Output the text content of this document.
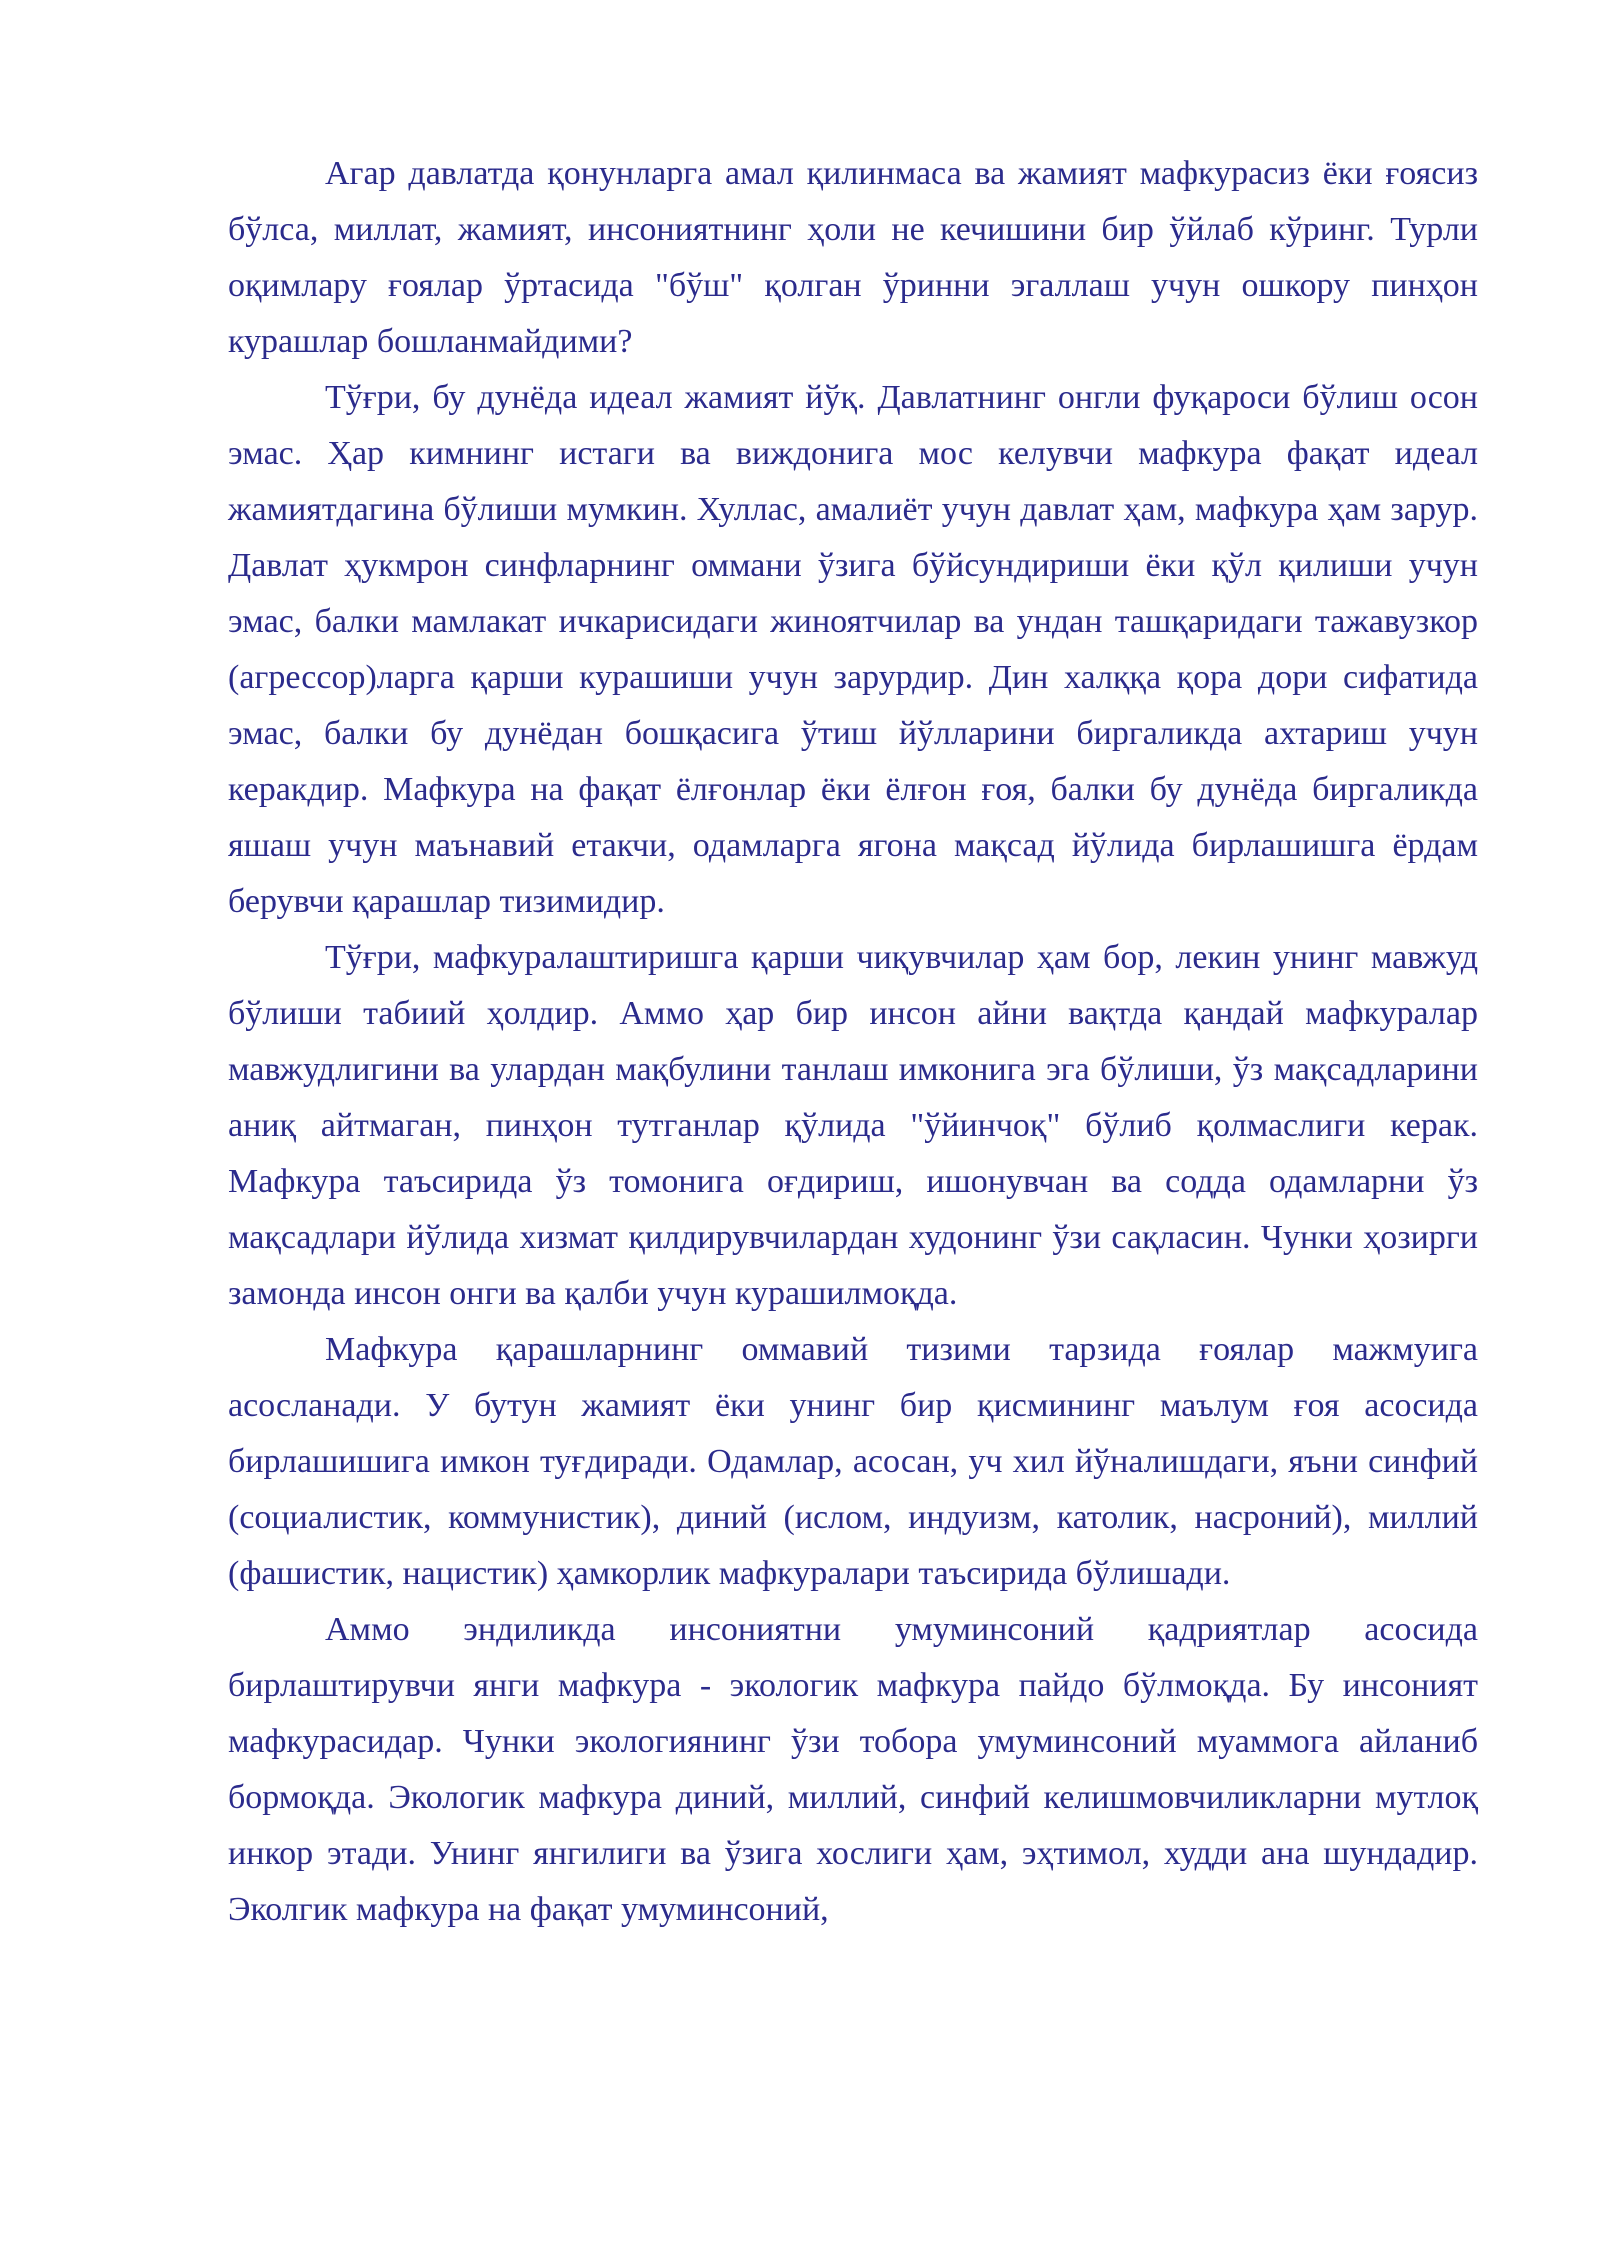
Агар давлатда қонунларга амал қилинмаса ва жамият мафкурасиз ёки ғоясиз бўлса, миллат, жамият, инсониятнинг ҳоли не кечишини бир ўйлаб кўринг. Турли оқимлару ғоялар ўртасида "бўш" қолган ўринни эгаллаш учун ошкору пинҳон курашлар бошланмайдими?

Тўғри, бу дунёда идеал жамият йўқ. Давлатнинг онгли фуқароси бўлиш осон эмас. Ҳар кимнинг истаги ва виждонига мос келувчи мафкура фақат идеал жамиятдагина бўлиши мумкин. Хуллас, амалиёт учун давлат ҳам, мафкура ҳам зарур. Давлат ҳукмрон синфларнинг оммани ўзига бўйсундириши ёки қўл қилиши учун эмас, балки мамлакат ичкарисидаги жиноятчилар ва ундан ташқаридаги тажавузкор (агрессор)ларга қарши курашиши учун зарурдир. Дин халққа қора дори сифатида эмас, балки бу дунёдан бошқасига ўтиш йўлларини биргаликда ахтариш учун керакдир. Мафкура на фақат ёлғонлар ёки ёлғон ғоя, балки бу дунёда биргаликда яшаш учун маънавий етакчи, одамларга ягона мақсад йўлида бирлашишга ёрдам берувчи қарашлар тизимидир.

Тўғри, мафкуралаштиришга қарши чиқувчилар ҳам бор, лекин унинг мавжуд бўлиши табиий ҳолдир. Аммо ҳар бир инсон айни вақтда қандай мафкуралар мавжудлигини ва улардан мақбулини танлаш имконига эга бўлиши, ўз мақсадларини аниқ айтмаган, пинҳон тутганлар қўлида "ўйинчоқ" бўлиб қолмаслиги керак. Мафкура таъсирида ўз томонига оғдириш, ишонувчан ва содда одамларни ўз мақсадлари йўлида хизмат қилдирувчилардан худонинг ўзи сақласин. Чунки ҳозирги замонда инсон онги ва қалби учун курашилмоқда.

Мафкура қарашларнинг оммавий тизими тарзида ғоялар мажмуига асосланади. У бутун жамият ёки унинг бир қисмининг маълум ғоя асосида бирлашишига имкон туғдиради. Одамлар, асосан, уч хил йўналишдаги, яъни синфий (социалистик, коммунистик), диний (ислом, индуизм, католик, насроний), миллий (фашистик, нацистик) ҳамкорлик мафкуралари таъсирида бўлишади.

Аммо эндиликда инсониятни умуминсоний қадриятлар асосида бирлаштирувчи янги мафкура - экологик мафкура пайдо бўлмоқда. Бу инсоният мафкурасидар. Чунки экологиянинг ўзи тобора умуминсоний муаммога айланиб бормоқда. Экологик мафкура диний, миллий, синфий келишмовчиликларни мутлоқ инкор этади. Унинг янгилиги ва ўзига хослиги ҳам, эҳтимол, худди ана шундадир. Эколгик мафкура на фақат умуминсоний,
